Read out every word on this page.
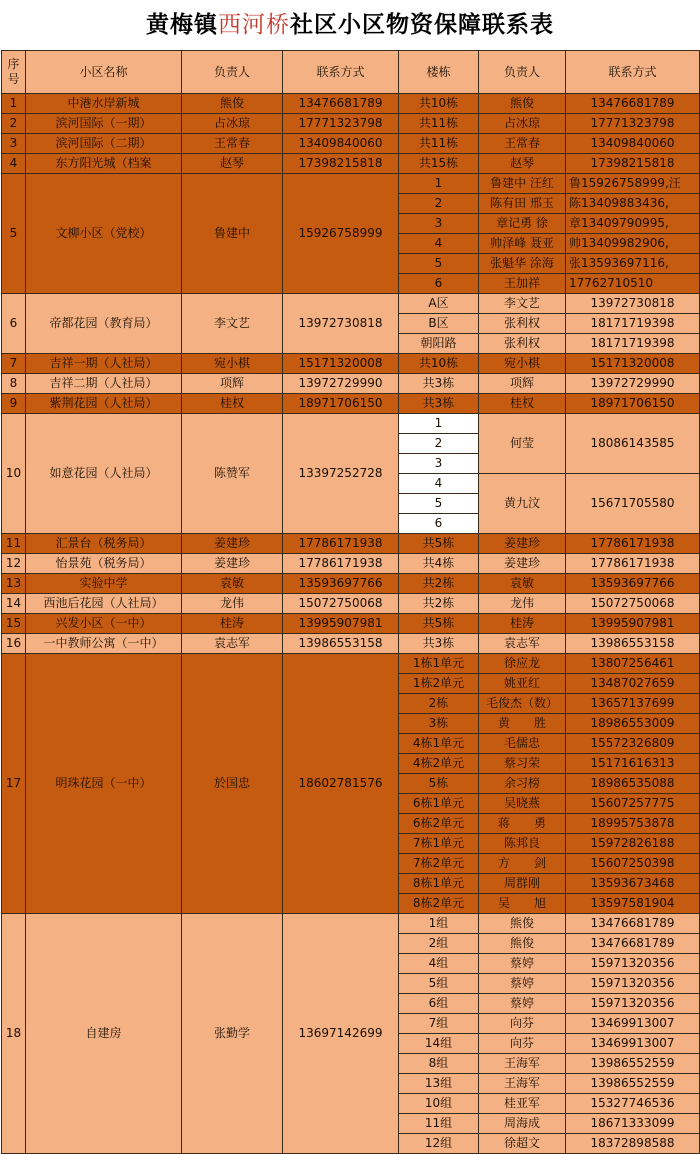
黄梅镇西河桥社区小区物资保障联系表
序号	小区名称	负责人	联系方式	楼栋	负责人	联系方式
1	中港水岸新城	熊俊	13476681789	共10栋	熊俊	13476681789
2	滨河国际（一期）	占冰琼	17771323798	共11栋	占冰琼	17771323798
3	滨河国际（二期）	王常春	13409840060	共11栋	王常春	13409840060
4	东方阳光城（档案	赵琴	17398215818	共15栋	赵琴	17398215818
5	文柳小区（党校）	鲁建中	15926758999	1	鲁建中 汪红	鲁15926758999,汪
				2	陈有田 邢玉	陈13409883436,
				3	章记勇 徐	章13409790995,
				4	帅泽峰 聂亚	帅13409982906,
				5	张魁华 涂海	张13593697116,
				6	王加祥	17762710510
6	帝都花园（教育局）	李文艺	13972730818	A区	李文艺	13972730818
				B区	张利权	18171719398
				朝阳路	张利权	18171719398
7	吉祥一期（人社局）	宛小棋	15171320008	共10栋	宛小棋	15171320008
8	吉祥二期（人社局）	项辉	13972729990	共3栋	项辉	13972729990
9	紫荆花园（人社局）	桂权	18971706150	共3栋	桂权	18971706150
10	如意花园（人社局）	陈赞军	13397252728	1	何莹	18086143585
				2		
				3		
				4	黄九汶	15671705580
				5		
				6		
11	汇景台（税务局）	姜建珍	17786171938	共5栋	姜建珍	17786171938
12	怡景苑（税务局）	姜建珍	17786171938	共4栋	姜建珍	17786171938
13	实验中学	袁敏	13593697766	共2栋	袁敏	13593697766
14	西池后花园（人社局）	龙伟	15072750068	共2栋	龙伟	15072750068
15	兴发小区（一中）	桂涛	13995907981	共5栋	桂涛	13995907981
16	一中教师公寓（一中）	袁志军	13986553158	共3栋	袁志军	13986553158
17	明珠花园（一中）	於国忠	18602781576	1栋1单元	徐应龙	13807256461
				1栋2单元	姚亚红	13487027659
				2栋	毛俊杰（数）	13657137699
				3栋	黄　　胜	18986553009
				4栋1单元	毛儒忠	15572326809
				4栋2单元	蔡习荣	15171616313
				5栋	余习榜	18986535088
				6栋1单元	吴晓燕	15607257775
				6栋2单元	蒋　　勇	18995753878
				7栋1单元	陈邦良	15972826188
				7栋2单元	方　　剑	15607250398
				8栋1单元	周群刚	13593673468
				8栋2单元	吴　　旭	13597581904
18	自建房	张勤学	13697142699	1组	熊俊	13476681789
				2组	熊俊	13476681789
				4组	蔡婷	15971320356
				5组	蔡婷	15971320356
				6组	蔡婷	15971320356
				7组	向芬	13469913007
				14组	向芬	13469913007
				8组	王海军	13986552559
				13组	王海军	13986552559
				10组	桂亚军	15327746536
				11组	周海成	18671333099
				12组	徐超文	18372898588
